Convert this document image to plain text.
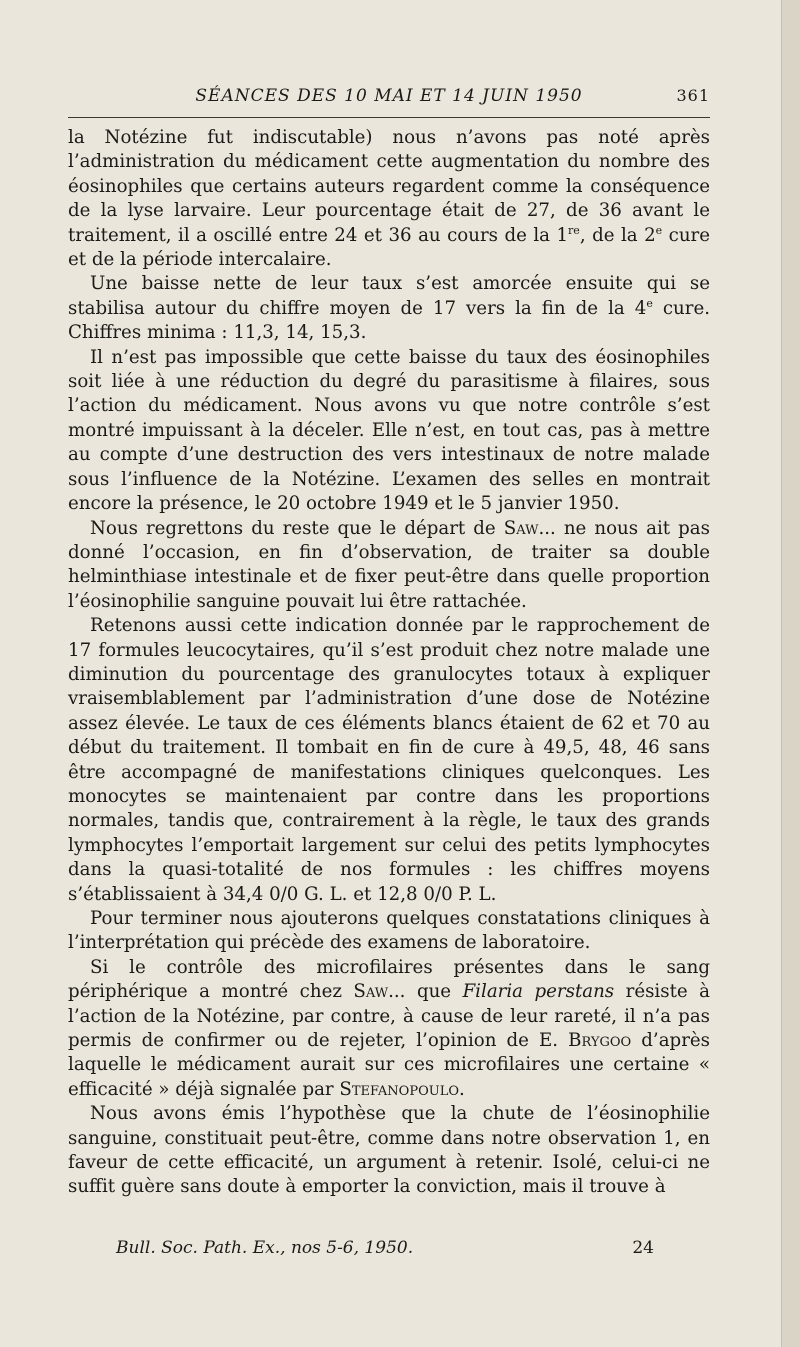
SÉANCES DES 10 MAI ET 14 JUIN 1950	361

la Notézine fut indiscutable) nous n’avons pas noté après l’administration du médicament cette augmentation du nombre des éosinophiles que certains auteurs regardent comme la conséquence de la lyse larvaire. Leur pourcentage était de 27, de 36 avant le traitement, il a oscillé entre 24 et 36 au cours de la 1re, de la 2e cure et de la période intercalaire.

Une baisse nette de leur taux s’est amorcée ensuite qui se stabilisa autour du chiffre moyen de 17 vers la fin de la 4e cure. Chiffres minima : 11,3, 14, 15,3.

Il n’est pas impossible que cette baisse du taux des éosinophiles soit liée à une réduction du degré du parasitisme à filaires, sous l’action du médicament. Nous avons vu que notre contrôle s’est montré impuissant à la déceler. Elle n’est, en tout cas, pas à mettre au compte d’une destruction des vers intestinaux de notre malade sous l’influence de la Notézine. L’examen des selles en montrait encore la présence, le 20 octobre 1949 et le 5 janvier 1950.

Nous regrettons du reste que le départ de Saw... ne nous ait pas donné l’occasion, en fin d’observation, de traiter sa double helminthiase intestinale et de fixer peut-être dans quelle proportion l’éosinophilie sanguine pouvait lui être rattachée.

Retenons aussi cette indication donnée par le rapprochement de 17 formules leucocytaires, qu’il s’est produit chez notre malade une diminution du pourcentage des granulocytes totaux à expliquer vraisemblablement par l’administration d’une dose de Notézine assez élevée. Le taux de ces éléments blancs étaient de 62 et 70 au début du traitement. Il tombait en fin de cure à 49,5, 48, 46 sans être accompagné de manifestations cliniques quelconques. Les monocytes se maintenaient par contre dans les proportions normales, tandis que, contrairement à la règle, le taux des grands lymphocytes l’emportait largement sur celui des petits lymphocytes dans la quasi-totalité de nos formules : les chiffres moyens s’établissaient à 34,4 0/0 G. L. et 12,8 0/0 P. L.

Pour terminer nous ajouterons quelques constatations cliniques à l’interprétation qui précède des examens de laboratoire.

Si le contrôle des microfilaires présentes dans le sang périphérique a montré chez Saw... que Filaria perstans résiste à l’action de la Notézine, par contre, à cause de leur rareté, il n’a pas permis de confirmer ou de rejeter, l’opinion de E. Brygoo d’après laquelle le médicament aurait sur ces microfilaires une certaine « efficacité » déjà signalée par Stefanopoulo.

Nous avons émis l’hypothèse que la chute de l’éosinophilie sanguine, constituait peut-être, comme dans notre observation 1, en faveur de cette efficacité, un argument à retenir. Isolé, celui-ci ne suffit guère sans doute à emporter la conviction, mais il trouve à

Bull. Soc. Path. Ex., nos 5-6, 1950.	24
